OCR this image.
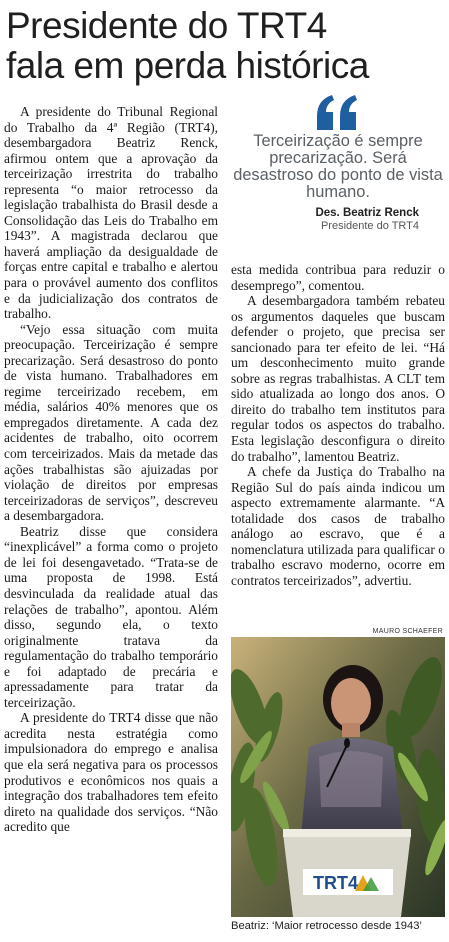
Presidente do TRT4
fala em perda histórica

A presidente do Tribunal Regional do Trabalho da 4ª Região (TRT4), desembargadora Beatriz Renck, afirmou ontem que a aprovação da terceirização irrestrita do trabalho representa “o maior retrocesso da legislação trabalhista do Brasil desde a Consolidação das Leis do Trabalho em 1943”. A magistrada declarou que haverá ampliação da desigualdade de forças entre capital e trabalho e alertou para o provável aumento dos conflitos e da judicialização dos contratos de trabalho.

“Vejo essa situação com muita preocupação. Terceirização é sempre precarização. Será desastroso do ponto de vista humano. Trabalhadores em regime terceirizado recebem, em média, salários 40% menores que os empregados diretamente. A cada dez acidentes de trabalho, oito ocorrem com terceirizados. Mais da metade das ações trabalhistas são ajuizadas por violação de direitos por empresas terceirizadoras de serviços”, descreveu a desembargadora.

Beatriz disse que considera “inexplicável” a forma como o projeto de lei foi desengavetado. “Trata-se de uma proposta de 1998. Está desvinculada da realidade atual das relações de trabalho”, apontou. Além disso, segundo ela, o texto originalmente tratava da regulamentação do trabalho temporário e foi adaptado de precária e apressadamente para tratar da terceirização.

A presidente do TRT4 disse que não acredita nesta estratégia como impulsionadora do emprego e analisa que ela será negativa para os processos produtivos e econômicos nos quais a integração dos trabalhadores tem efeito direto na qualidade dos serviços. “Não acredito que

Terceirização é sempre precarização. Será desastroso do ponto de vista humano.
Des. Beatriz Renck
Presidente do TRT4

esta medida contribua para reduzir o desemprego”, comentou.

A desembargadora também rebateu os argumentos daqueles que buscam defender o projeto, que precisa ser sancionado para ter efeito de lei. “Há um desconhecimento muito grande sobre as regras trabalhistas. A CLT tem sido atualizada ao longo dos anos. O direito do trabalho tem institutos para regular todos os aspectos do trabalho. Esta legislação desconfigura o direito do trabalho”, lamentou Beatriz.

A chefe da Justiça do Trabalho na Região Sul do país ainda indicou um aspecto extremamente alarmante. “A totalidade dos casos de trabalho análogo ao escravo, que é a nomenclatura utilizada para qualificar o trabalho escravo moderno, ocorre em contratos terceirizados”, advertiu.

MAURO SCHAEFER
TRT4
Beatriz: ‘Maior retrocesso desde 1943’
